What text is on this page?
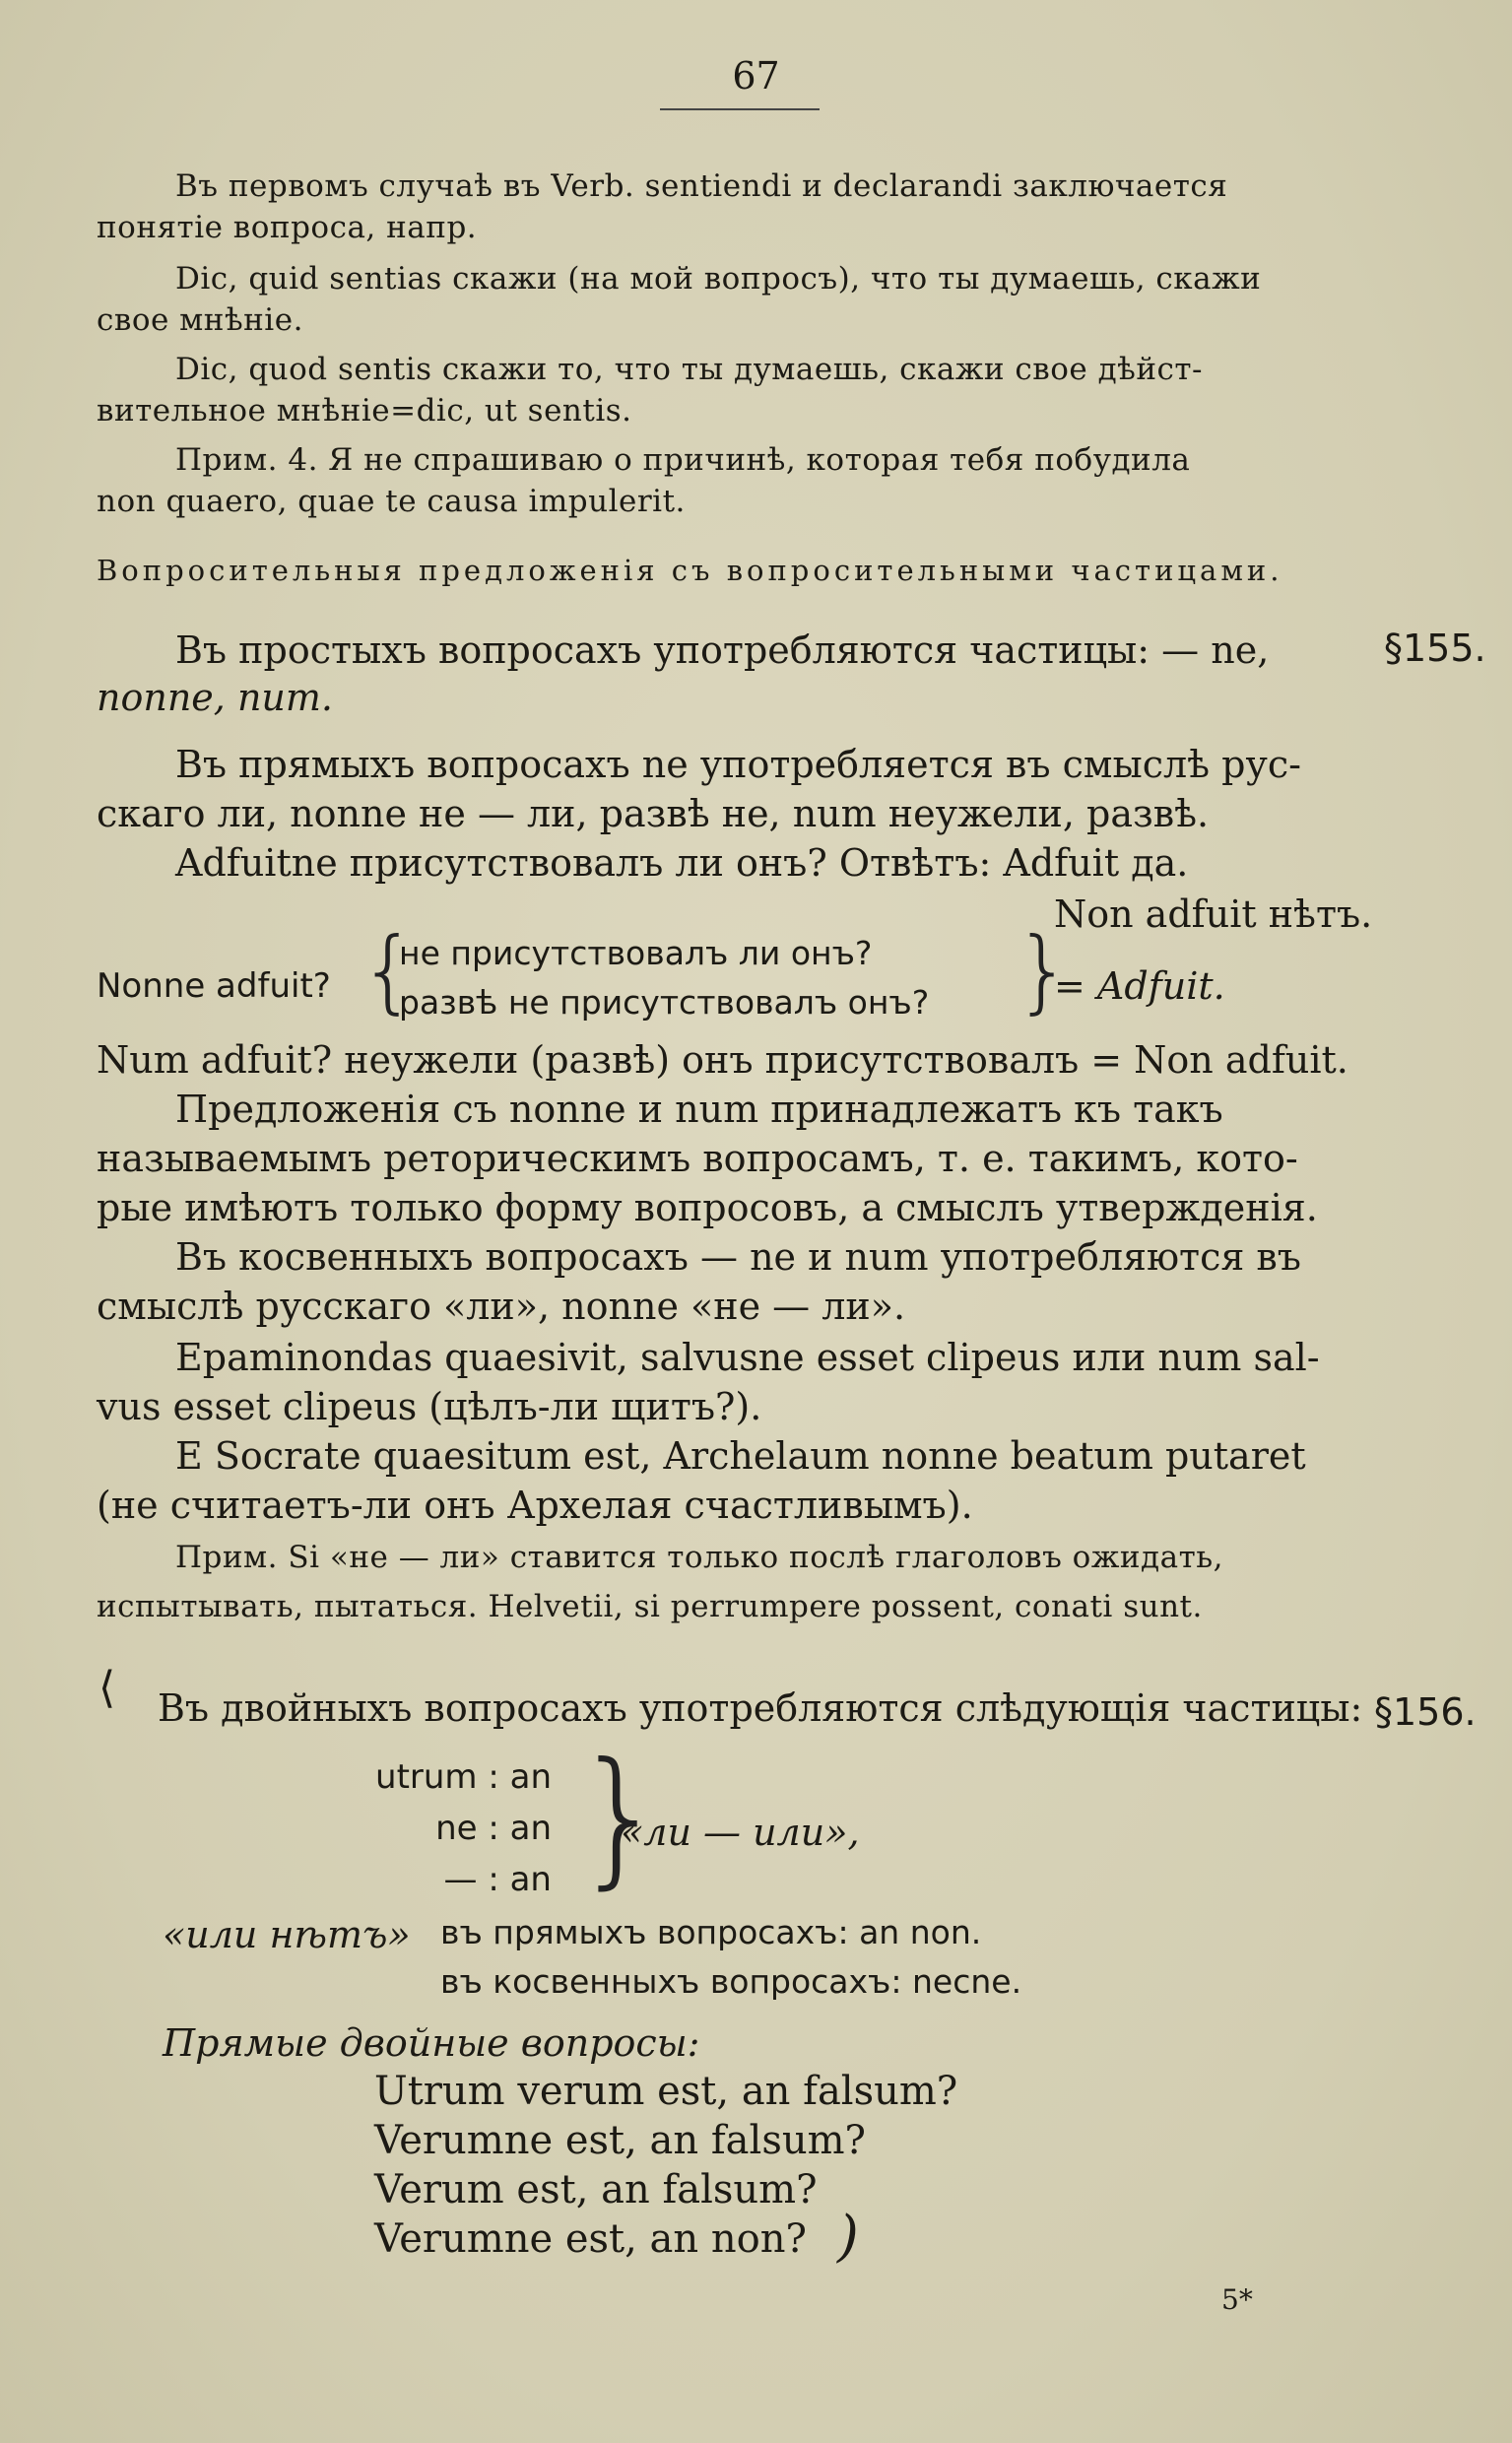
67
Въ первомъ случаѣ въ Verb. sentiendi и declarandi заключается
понятіе вопроса, напр.
Dic, quid sentias скажи (на мой вопросъ), что ты думаешь, скажи
свое мнѣніе.
Dic, quod sentis скажи то, что ты думаешь, скажи свое дѣйст-
вительное мнѣніе=dic, ut sentis.
Прим. 4. Я не спрашиваю о причинѣ, которая тебя побудила
non quaero, quae te causa impulerit.
Вопросительныя предложенія съ вопросительными частицами.
Въ простыхъ вопросахъ употребляются частицы: — ne,	§155.
nonne, num.
Въ прямыхъ вопросахъ ne употребляется въ смыслѣ рус-
скаго ли, nonne не — ли, развѣ не, num неужели, развѣ.
Adfuitne присутствовалъ ли онъ? Отвѣтъ: Adfuit да.
Non adfuit нѣтъ.
Nonne adfuit? {
не присутствовалъ ли онъ?
развѣ не присутствовалъ онъ? }
= Adfuit.
Num adfuit? неужели (развѣ) онъ присутствовалъ = Non adfuit.
Предложенія съ nonne и num принадлежатъ къ такъ
называемымъ реторическимъ вопросамъ, т. е. такимъ, кото-
рые имѣютъ только форму вопросовъ, а смыслъ утвержденія.
Въ косвенныхъ вопросахъ — ne и num употребляются въ
смыслѣ русскаго «ли», nonne «не — ли».
Epaminondas quaesivit, salvusne esset clipeus или num sal-
vus esset clipeus (цѣлъ-ли щитъ?).
E Socrate quaesitum est, Archelaum nonne beatum putaret
(не считаетъ-ли онъ Архелая счастливымъ).
Прим. Si «не — ли» ставится только послѣ глаголовъ ожидать,
испытывать, пытаться. Helvetii, si perrumpere possent, conati sunt.
⟨ Въ двойныхъ вопросахъ употребляются слѣдующія частицы: §156.
utrum : an
ne : an
— : an }
«ли — или»,
«или нѣтъ» въ прямыхъ вопросахъ: an non.
въ косвенныхъ вопросахъ: necne.
Прямые двойные вопросы:
Utrum verum est, an falsum?
Verumne est, an falsum?
Verum est, an falsum?
Verumne est, an non? )
5*
